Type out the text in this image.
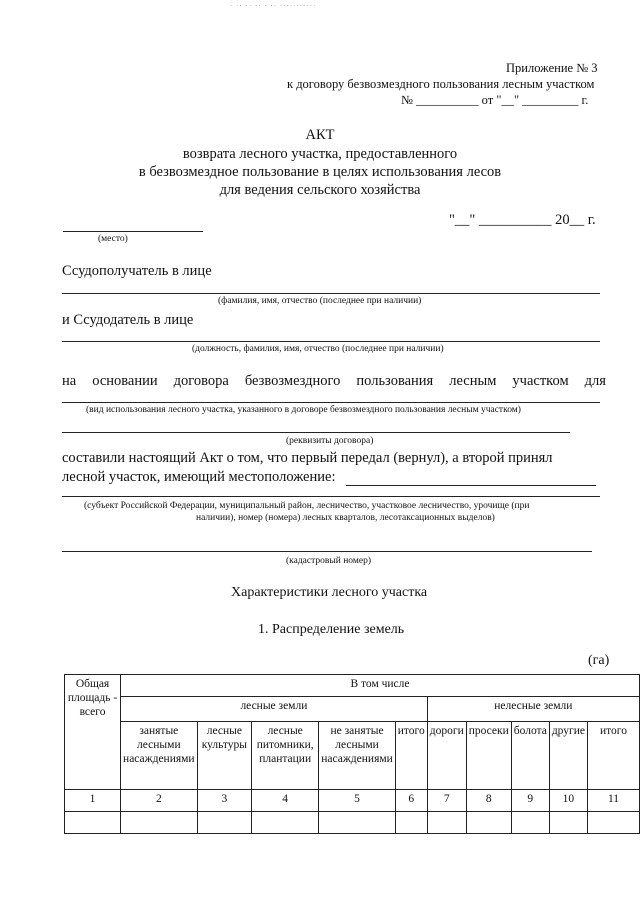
· ·· ·· ·· · ·· ···········
Приложение № 3
к договору безвозмездного пользования лесным участком
№ __________ от "__" _________ г.
АКТ
возврата лесного участка, предоставленного
в безвозмездное пользование в целях использования лесов
для ведения сельского хозяйства
(место)
"__" __________ 20__ г.
Ссудополучатель в лице
(фамилия, имя, отчество (последнее при наличии)
и Ссудодатель в лице
(должность, фамилия, имя, отчество (последнее при наличии)
на основании договора безвозмездного пользования лесным участком для
(вид использования лесного участка, указанного в договоре безвозмездного пользования лесным участком)
(реквизиты договора)
составили настоящий Акт о том, что первый передал (вернул), а второй принял
лесной участок, имеющий местоположение:
(субъект Российской Федерации, муниципальный район, лесничество, участковое лесничество, урочище (при
наличии), номер (номера) лесных кварталов, лесотаксационных выделов)
(кадастровый номер)
Характеристики лесного участка
1. Распределение земель
(га)
Общая площадь - всего	В том числе									
	лесные земли					нелесные земли				
	занятые лесными насаждениями	лесные культуры	лесные питомники, плантации	не занятые лесными насаждениями	итого	дороги	просеки	болота	другие	итого
1	2	3	4	5	6	7	8	9	10	11
